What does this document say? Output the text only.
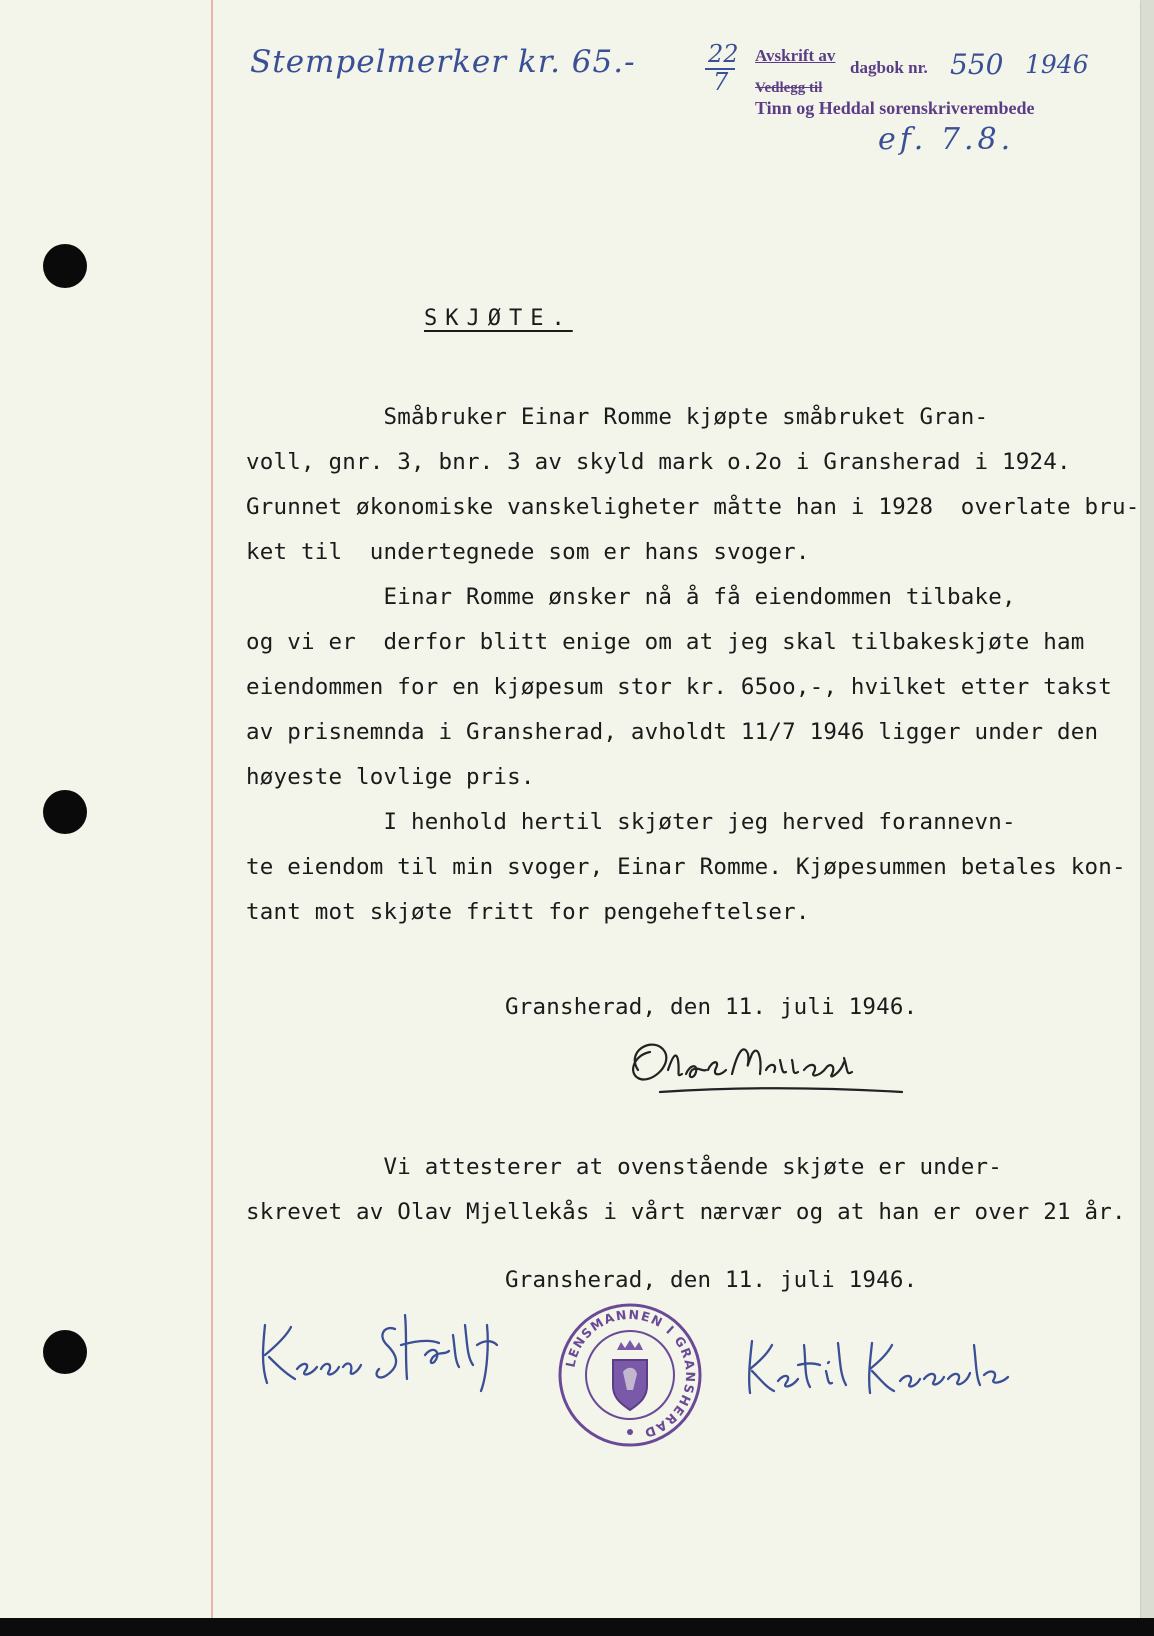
Stempelmerker kr. 65.-	22
7
Avskrift av
dagbok nr. 550 1946
Vedlegg til
Tinn og Heddal sorenskriverembede
ef. 7.8.
SKJØTE.
Småbruker Einar Romme kjøpte småbruket Gran-
voll, gnr. 3, bnr. 3 av skyld mark o.2o i Gransherad i 1924.
Grunnet økonomiske vanskeligheter måtte han i 1928  overlate bru-
ket til  undertegnede som er hans svoger.
Einar Romme ønsker nå å få eiendommen tilbake,
og vi er  derfor blitt enige om at jeg skal tilbakeskjøte ham
eiendommen for en kjøpesum stor kr. 65oo,-, hvilket etter takst
av prisnemnda i Gransherad, avholdt 11/7 1946 ligger under den
høyeste lovlige pris.
I henhold hertil skjøter jeg herved forannevn-
te eiendom til min svoger, Einar Romme. Kjøpesummen betales kon-
tant mot skjøte fritt for pengeheftelser.
Gransherad, den 11. juli 1946.
Vi attesterer at ovenstående skjøte er under-
skrevet av Olav Mjellekås i vårt nærvær og at han er over 21 år.
Gransherad, den 11. juli 1946.
LENSMANNEN I GRANSHERAD
